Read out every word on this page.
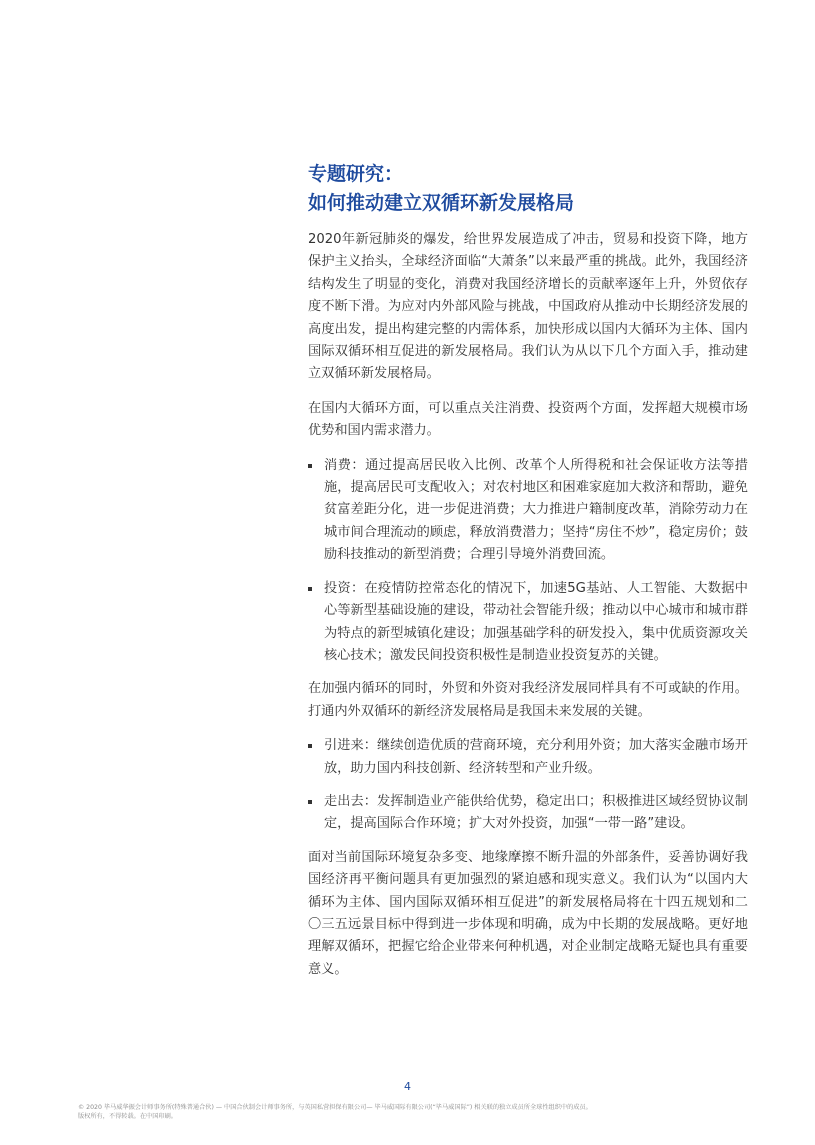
专题研究：
如何推动建立双循环新发展格局

2020年新冠肺炎的爆发，给世界发展造成了冲击，贸易和投资下降，地方保护主义抬头，全球经济面临“大萧条”以来最严重的挑战。此外，我国经济结构发生了明显的变化，消费对我国经济增长的贡献率逐年上升，外贸依存度不断下滑。为应对内外部风险与挑战，中国政府从推动中长期经济发展的高度出发，提出构建完整的内需体系，加快形成以国内大循环为主体、国内国际双循环相互促进的新发展格局。我们认为从以下几个方面入手，推动建立双循环新发展格局。

在国内大循环方面，可以重点关注消费、投资两个方面，发挥超大规模市场优势和国内需求潜力。

消费：通过提高居民收入比例、改革个人所得税和社会保证收方法等措施，提高居民可支配收入；对农村地区和困难家庭加大救济和帮助，避免贫富差距分化，进一步促进消费；大力推进户籍制度改革，消除劳动力在城市间合理流动的顾虑，释放消费潜力；坚持“房住不炒”，稳定房价；鼓励科技推动的新型消费；合理引导境外消费回流。
投资：在疫情防控常态化的情况下，加速5G基站、人工智能、大数据中心等新型基础设施的建设，带动社会智能升级；推动以中心城市和城市群为特点的新型城镇化建设；加强基础学科的研发投入，集中优质资源攻关核心技术；激发民间投资积极性是制造业投资复苏的关键。

在加强内循环的同时，外贸和外资对我经济发展同样具有不可或缺的作用。打通内外双循环的新经济发展格局是我国未来发展的关键。

引进来：继续创造优质的营商环境，充分利用外资；加大落实金融市场开放，助力国内科技创新、经济转型和产业升级。
走出去：发挥制造业产能供给优势，稳定出口；积极推进区域经贸协议制定，提高国际合作环境；扩大对外投资，加强“一带一路”建设。

面对当前国际环境复杂多变、地缘摩擦不断升温的外部条件，妥善协调好我国经济再平衡问题具有更加强烈的紧迫感和现实意义。我们认为“以国内大循环为主体、国内国际双循环相互促进”的新发展格局将在十四五规划和二〇三五远景目标中得到进一步体现和明确，成为中长期的发展战略。更好地理解双循环，把握它给企业带来何种机遇，对企业制定战略无疑也具有重要意义。

4
© 2020 毕马威华振会计师事务所(特殊普通合伙) — 中国合伙制会计师事务所，与英国私营担保有限公司— 毕马威国际有限公司(“毕马威国际”) 相关联的独立成员所全球性组织中的成员。
版权所有，不得转载。在中国印刷。
